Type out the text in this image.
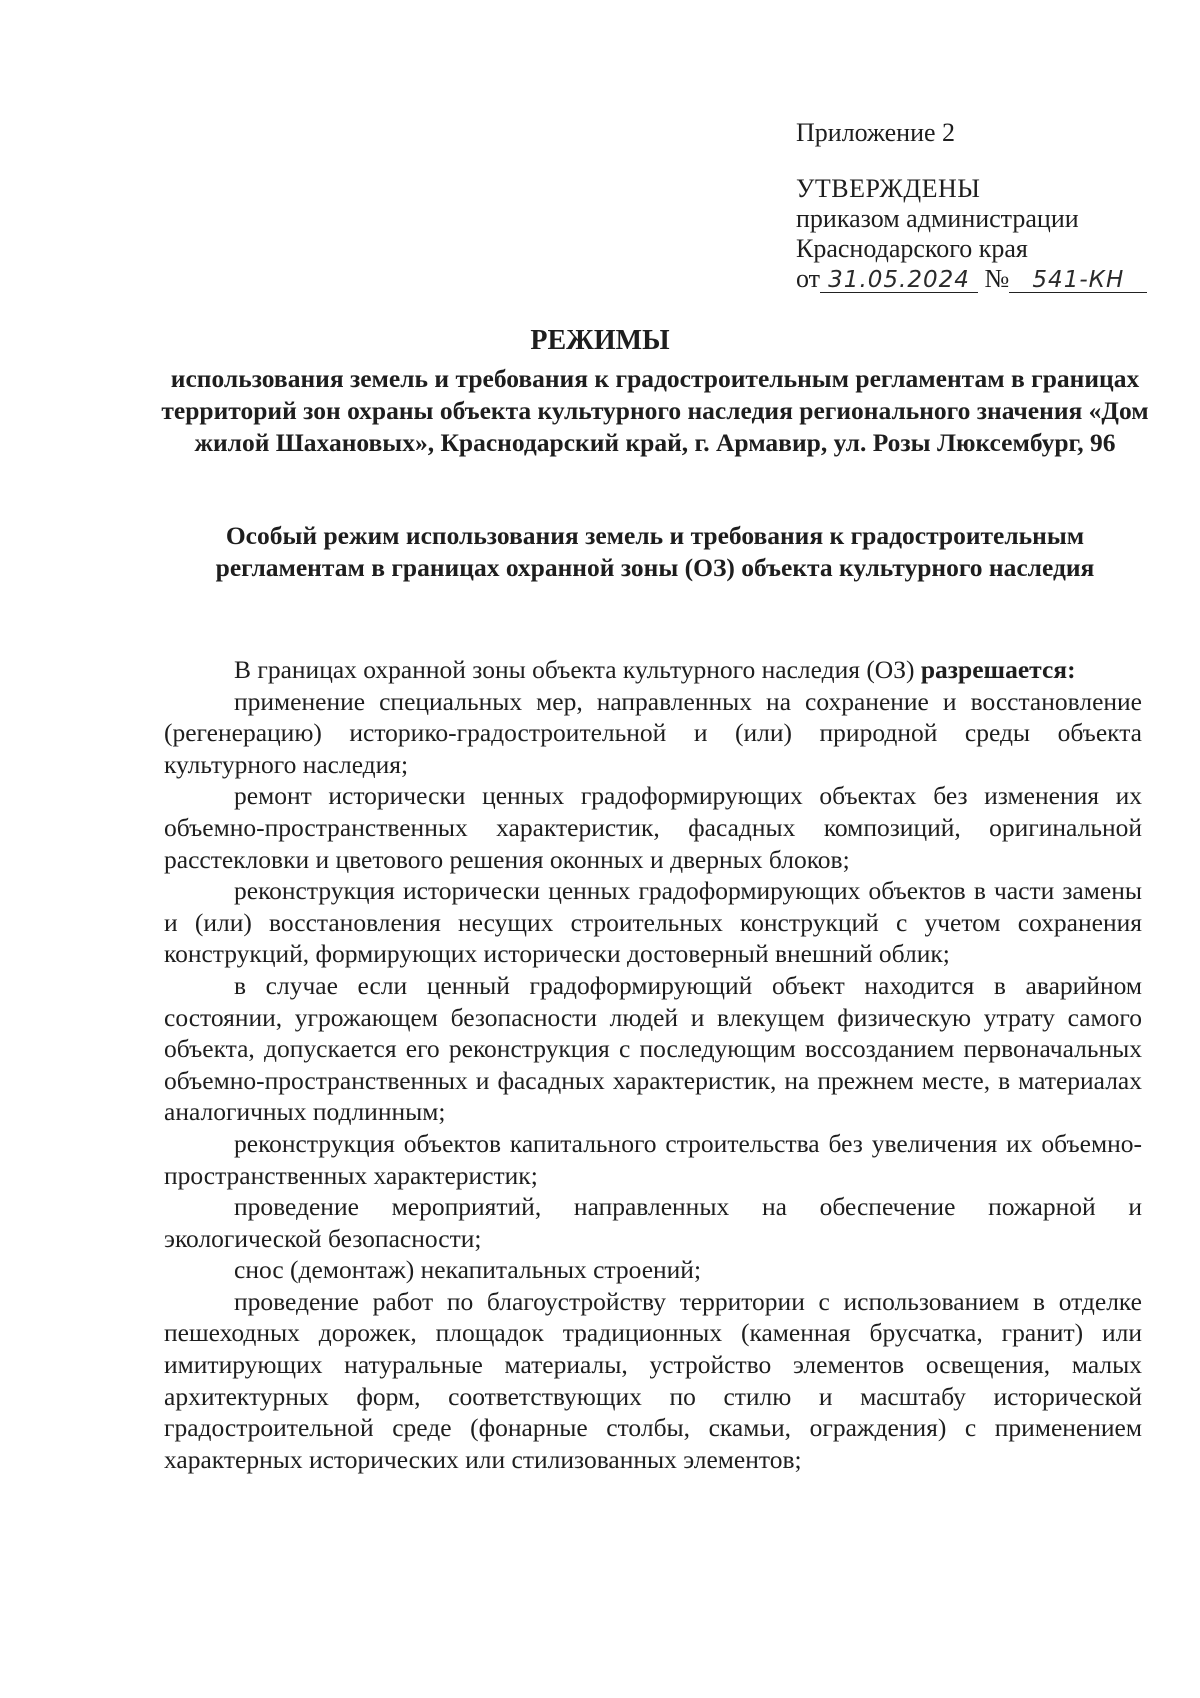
Приложение 2
УТВЕРЖДЕНЫ
приказом администрации
Краснодарского края
от 31.05.2024 № 541-КН
РЕЖИМЫ
использования земель и требования к градостроительным регламентам в границах территорий зон охраны объекта культурного наследия регионального значения «Дом жилой Шахановых», Краснодарский край, г. Армавир, ул. Розы Люксембург, 96
Особый режим использования земель и требования к градостроительным регламентам в границах охранной зоны (ОЗ) объекта культурного наследия

В границах охранной зоны объекта культурного наследия (ОЗ) разрешается:

применение специальных мер, направленных на сохранение и восстановление (регенерацию) историко-градостроительной и (или) природной среды объекта культурного наследия;

ремонт исторически ценных градоформирующих объектах без изменения их объемно-пространственных характеристик, фасадных композиций, оригинальной расстекловки и цветового решения оконных и дверных блоков;

реконструкция исторически ценных градоформирующих объектов в части замены и (или) восстановления несущих строительных конструкций с учетом сохранения конструкций, формирующих исторически достоверный внешний облик;

в случае если ценный градоформирующий объект находится в аварийном состоянии, угрожающем безопасности людей и влекущем физическую утрату самого объекта, допускается его реконструкция с последующим воссозданием первоначальных объемно-пространственных и фасадных характеристик, на прежнем месте, в материалах аналогичных подлинным;

реконструкция объектов капитального строительства без увеличения их объемно-пространственных характеристик;

проведение мероприятий, направленных на обеспечение пожарной и экологической безопасности;

снос (демонтаж) некапитальных строений;

проведение работ по благоустройству территории с использованием в отделке пешеходных дорожек, площадок традиционных (каменная брусчатка, гранит) или имитирующих натуральные материалы, устройство элементов освещения, малых архитектурных форм, соответствующих по стилю и масштабу исторической градостроительной среде (фонарные столбы, скамьи, ограждения) с применением характерных исторических или стилизованных элементов;
